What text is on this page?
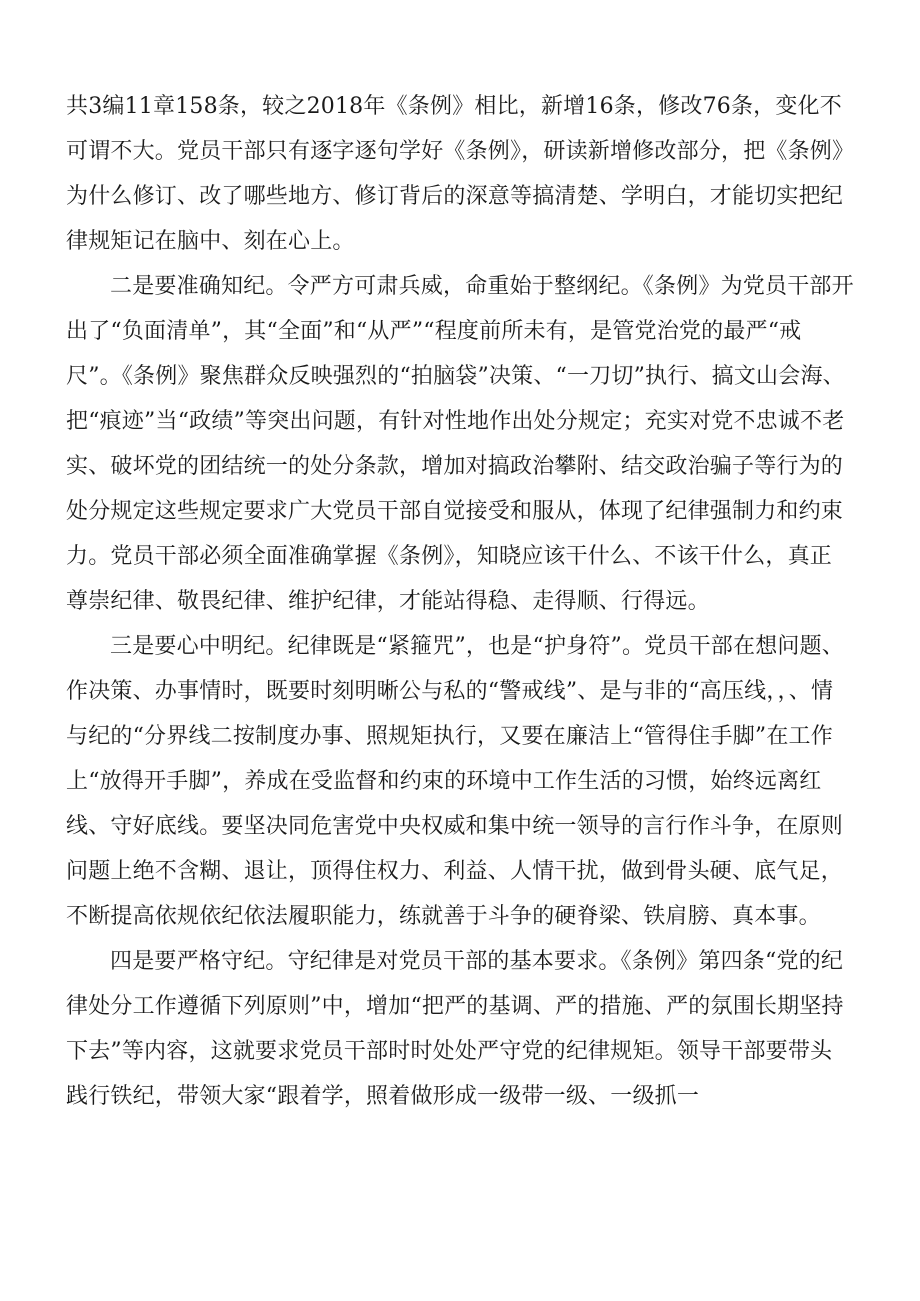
共3编11章158条，较之2018年《条例》相比，新增16条，修改76条，变化不可谓不大。党员干部只有逐字逐句学好《条例》，研读新增修改部分，把《条例》为什么修订、改了哪些地方、修订背后的深意等搞清楚、学明白，才能切实把纪律规矩记在脑中、刻在心上。

二是要准确知纪。令严方可肃兵威，命重始于整纲纪。《条例》为党员干部开出了“负面清单”，其“全面”和“从严”“程度前所未有，是管党治党的最严“戒尺”。《条例》聚焦群众反映强烈的“拍脑袋”决策、“一刀切”执行、搞文山会海、把“痕迹”当“政绩”等突出问题，有针对性地作出处分规定；充实对党不忠诚不老实、破坏党的团结统一的处分条款，增加对搞政治攀附、结交政治骗子等行为的处分规定这些规定要求广大党员干部自觉接受和服从，体现了纪律强制力和约束力。党员干部必须全面准确掌握《条例》，知晓应该干什么、不该干什么，真正尊崇纪律、敬畏纪律、维护纪律，才能站得稳、走得顺、行得远。

三是要心中明纪。纪律既是“紧箍咒”，也是“护身符”。党员干部在想问题、作决策、办事情时，既要时刻明晰公与私的“警戒线”、是与非的“高压线，，、情与纪的“分界线二按制度办事、照规矩执行，又要在廉洁上“管得住手脚”在工作上“放得开手脚”，养成在受监督和约束的环境中工作生活的习惯，始终远离红线、守好底线。要坚决同危害党中央权威和集中统一领导的言行作斗争，在原则问题上绝不含糊、退让，顶得住权力、利益、人情干扰，做到骨头硬、底气足，不断提高依规依纪依法履职能力，练就善于斗争的硬脊梁、铁肩膀、真本事。

四是要严格守纪。守纪律是对党员干部的基本要求。《条例》第四条“党的纪律处分工作遵循下列原则”中，增加“把严的基调、严的措施、严的氛围长期坚持下去”等内容，这就要求党员干部时时处处严守党的纪律规矩。领导干部要带头践行铁纪，带领大家“跟着学，照着做形成一级带一级、一级抓一
